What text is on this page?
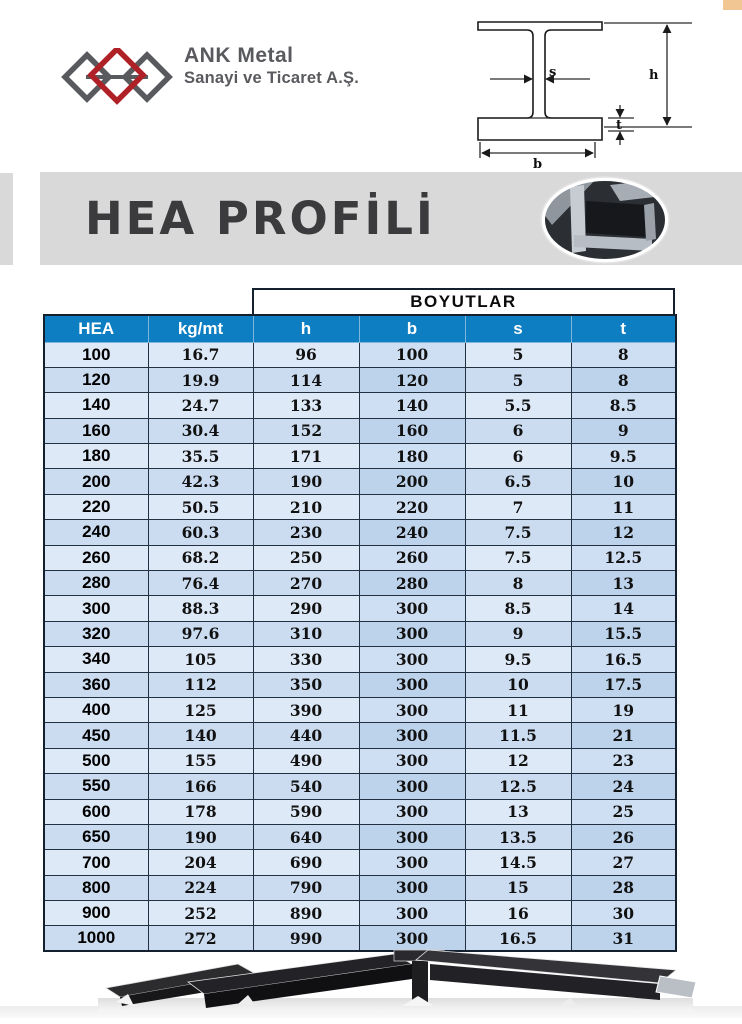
ANK Metal
Sanayi ve Ticaret A.Ş.	s	h
t
b
HEA PROFİLİ
BOYUTLAR
HEA	kg/mt	h	b	s	t
100	16.7	96	100	5	8
120	19.9	114	120	5	8
140	24.7	133	140	5.5	8.5
160	30.4	152	160	6	9
180	35.5	171	180	6	9.5
200	42.3	190	200	6.5	10
220	50.5	210	220	7	11
240	60.3	230	240	7.5	12
260	68.2	250	260	7.5	12.5
280	76.4	270	280	8	13
300	88.3	290	300	8.5	14
320	97.6	310	300	9	15.5
340	105	330	300	9.5	16.5
360	112	350	300	10	17.5
400	125	390	300	11	19
450	140	440	300	11.5	21
500	155	490	300	12	23
550	166	540	300	12.5	24
600	178	590	300	13	25
650	190	640	300	13.5	26
700	204	690	300	14.5	27
800	224	790	300	15	28
900	252	890	300	16	30
1000	272	990	300	16.5	31
